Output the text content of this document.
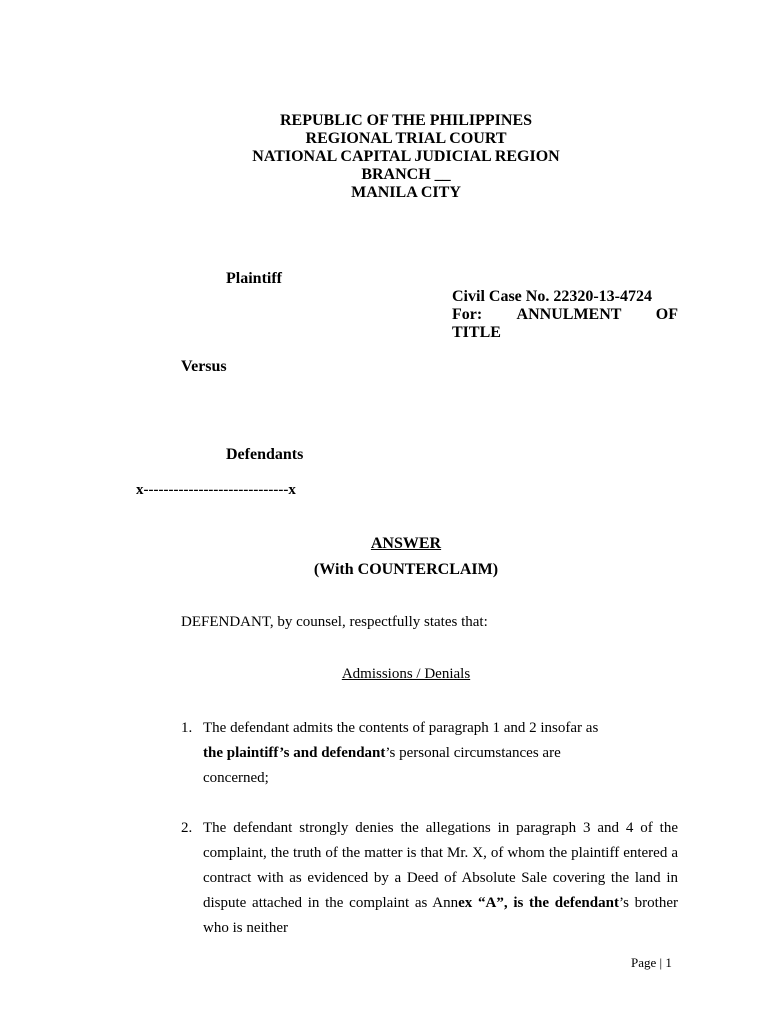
REPUBLIC OF THE PHILIPPINES
REGIONAL TRIAL COURT
NATIONAL CAPITAL JUDICIAL REGION
BRANCH __
MANILA CITY
Plaintiff
Civil Case No. 22320-13-4724
For: ANNULMENT OF
TITLE
Versus
Defendants
x-----------------------------x
ANSWER
(With COUNTERCLAIM)
DEFENDANT, by counsel, respectfully states that:
Admissions / Denials
1. The defendant admits the contents of paragraph 1 and 2 insofar as
the plaintiff’s and defendant’s personal circumstances are
concerned;
2. The defendant strongly denies the allegations in paragraph 3 and 4 of the complaint, the truth of the matter is that Mr. X, of whom the plaintiff entered a contract with as evidenced by a Deed of Absolute Sale covering the land in dispute attached in the complaint as Annex “A”, is the defendant’s brother who is neither
Page | 1
